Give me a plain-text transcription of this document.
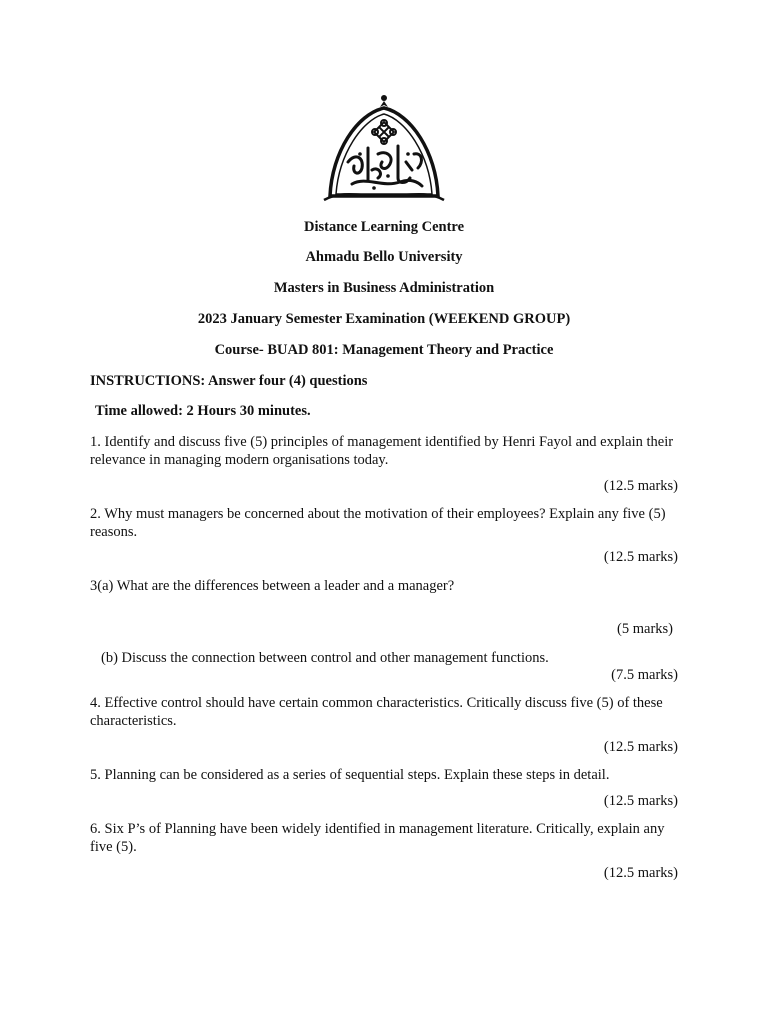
Distance Learning Centre
Ahmadu Bello University
Masters in Business Administration
2023 January Semester Examination (WEEKEND GROUP)
Course- BUAD 801: Management Theory and Practice
INSTRUCTIONS: Answer four (4) questions
Time allowed: 2 Hours 30 minutes.
1. Identify and discuss five (5) principles of management identified by Henri Fayol and explain their relevance in managing modern organisations today.
(12.5 marks)
2. Why must managers be concerned about the motivation of their employees? Explain any five (5) reasons.
(12.5 marks)
3(a) What are the differences between a leader and a manager?
(5 marks)
(b) Discuss the connection between control and other management functions.
(7.5 marks)
4. Effective control should have certain common characteristics. Critically discuss five (5) of these characteristics.
(12.5 marks)
5. Planning can be considered as a series of sequential steps. Explain these steps in detail.
(12.5 marks)
6. Six P’s of Planning have been widely identified in management literature. Critically, explain any five (5).
(12.5 marks)
